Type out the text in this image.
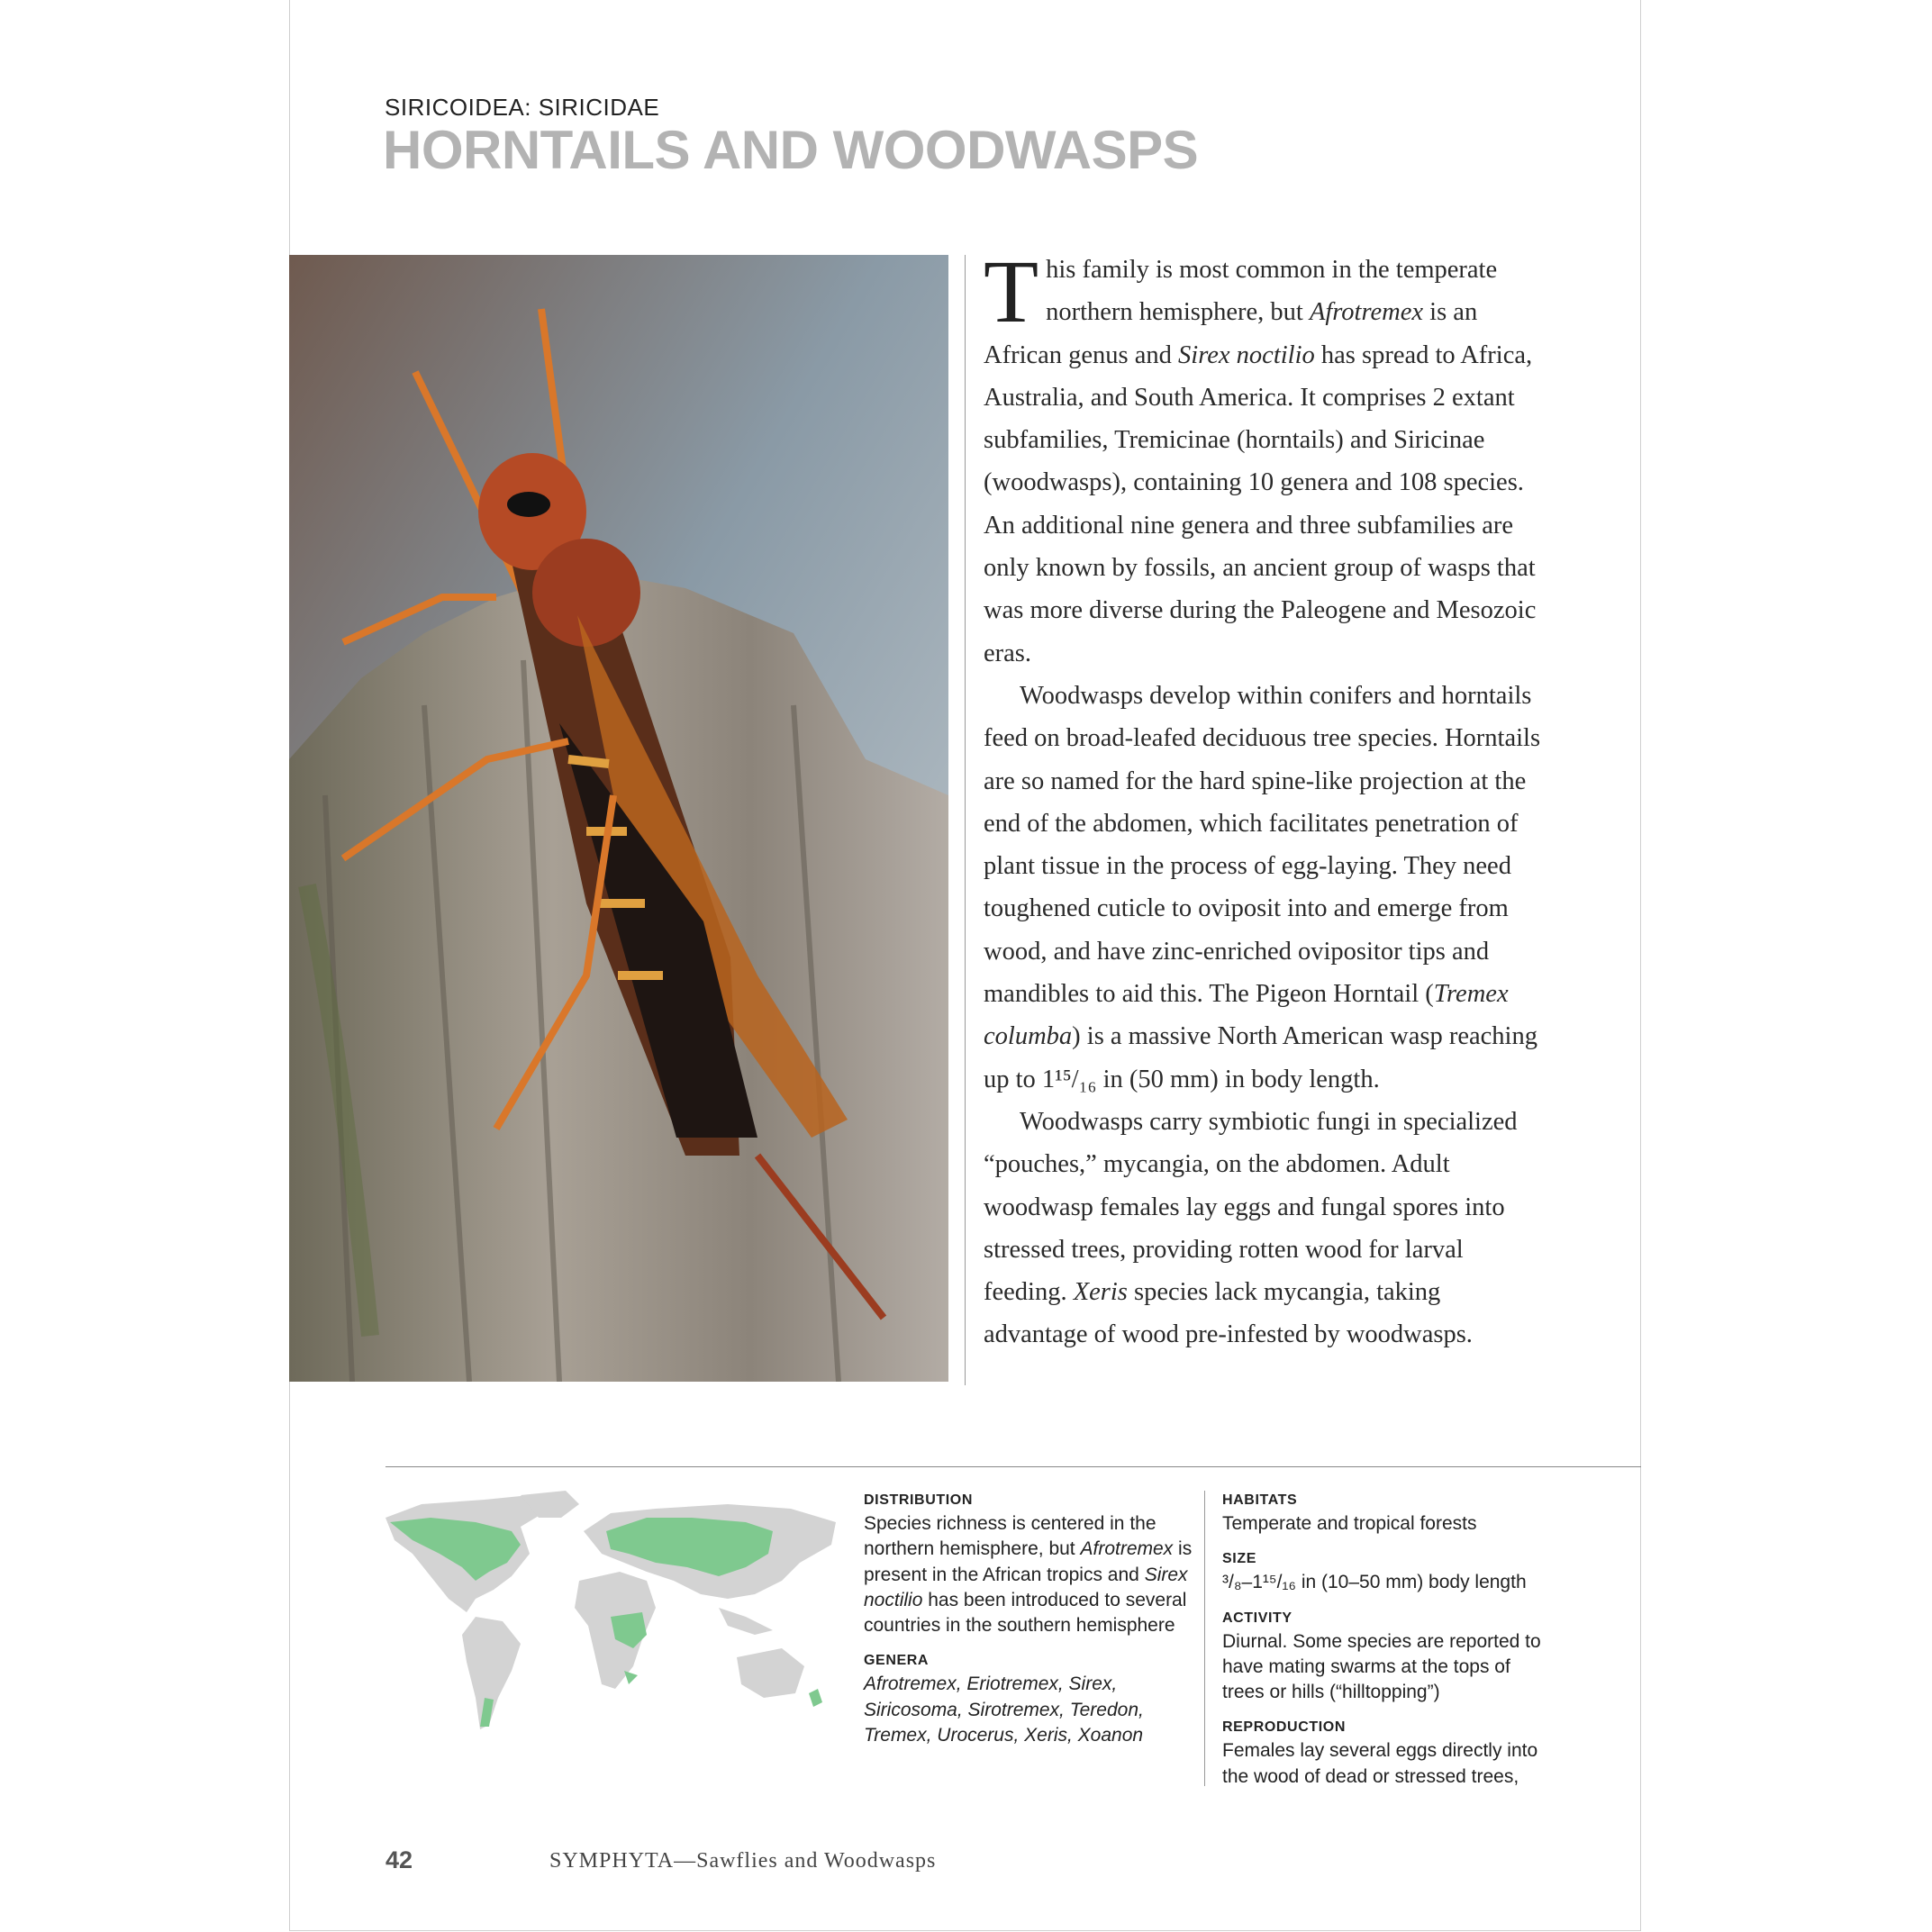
SIRICOIDEA: SIRICIDAE
HORNTAILS AND WOODWASPS

This family is most common in the temperate northern hemisphere, but Afrotremex is an African genus and Sirex noctilio has spread to Africa, Australia, and South America. It comprises 2 extant subfamilies, Tremicinae (horntails) and Siricinae (woodwasps), containing 10 genera and 108 species. An additional nine genera and three subfamilies are only known by fossils, an ancient group of wasps that was more diverse during the Paleogene and Mesozoic eras.

Woodwasps develop within conifers and horntails feed on broad-leafed deciduous tree species. Horntails are so named for the hard spine-like projection at the end of the abdomen, which facilitates penetration of plant tissue in the process of egg-laying. They need toughened cuticle to oviposit into and emerge from wood, and have zinc-enriched ovipositor tips and mandibles to aid this. The Pigeon Horntail (Tremex columba) is a massive North American wasp reaching up to 1¹⁵/₁₆ in (50 mm) in body length.

Woodwasps carry symbiotic fungi in specialized “pouches,” mycangia, on the abdomen. Adult woodwasp females lay eggs and fungal spores into stressed trees, providing rotten wood for larval feeding. Xeris species lack mycangia, taking advantage of wood pre-infested by woodwasps.

DISTRIBUTION
Species richness is centered in the northern hemisphere, but Afrotremex is present in the African tropics and Sirex noctilio has been introduced to several countries in the southern hemisphere
GENERA
Afrotremex, Eriotremex, Sirex, Siricosoma, Sirotremex, Teredon, Tremex, Urocerus, Xeris, Xoanon
HABITATS
Temperate and tropical forests
SIZE
³/₈–1¹⁵/₁₆ in (10–50 mm) body length
ACTIVITY
Diurnal. Some species are reported to have mating swarms at the tops of trees or hills (“hilltopping”)
REPRODUCTION
Females lay several eggs directly into the wood of dead or stressed trees,
42	SYMPHYTA—Sawflies and Woodwasps
